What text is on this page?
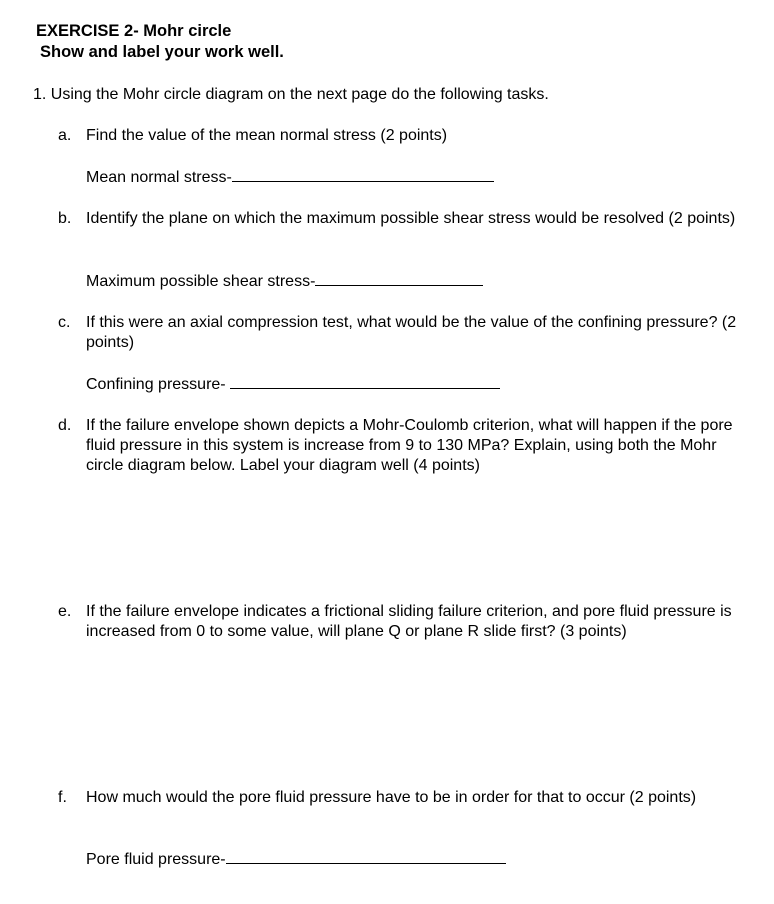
EXERCISE 2- Mohr circle
Show and label your work well.
1. Using the Mohr circle diagram on the next page do the following tasks.
a. Find the value of the mean normal stress (2 points)
Mean normal stress-
b. Identify the plane on which the maximum possible shear stress would be resolved (2 points)
Maximum possible shear stress-
c. If this were an axial compression test, what would be the value of the confining pressure? (2 points)
Confining pressure-
d. If the failure envelope shown depicts a Mohr-Coulomb criterion, what will happen if the pore fluid pressure in this system is increase from 9 to 130 MPa? Explain, using both the Mohr circle diagram below. Label your diagram well (4 points)
e. If the failure envelope indicates a frictional sliding failure criterion, and pore fluid pressure is increased from 0 to some value, will plane Q or plane R slide first? (3 points)
f.	How much would the pore fluid pressure have to be in order for that to occur (2 points)
Pore fluid pressure-
